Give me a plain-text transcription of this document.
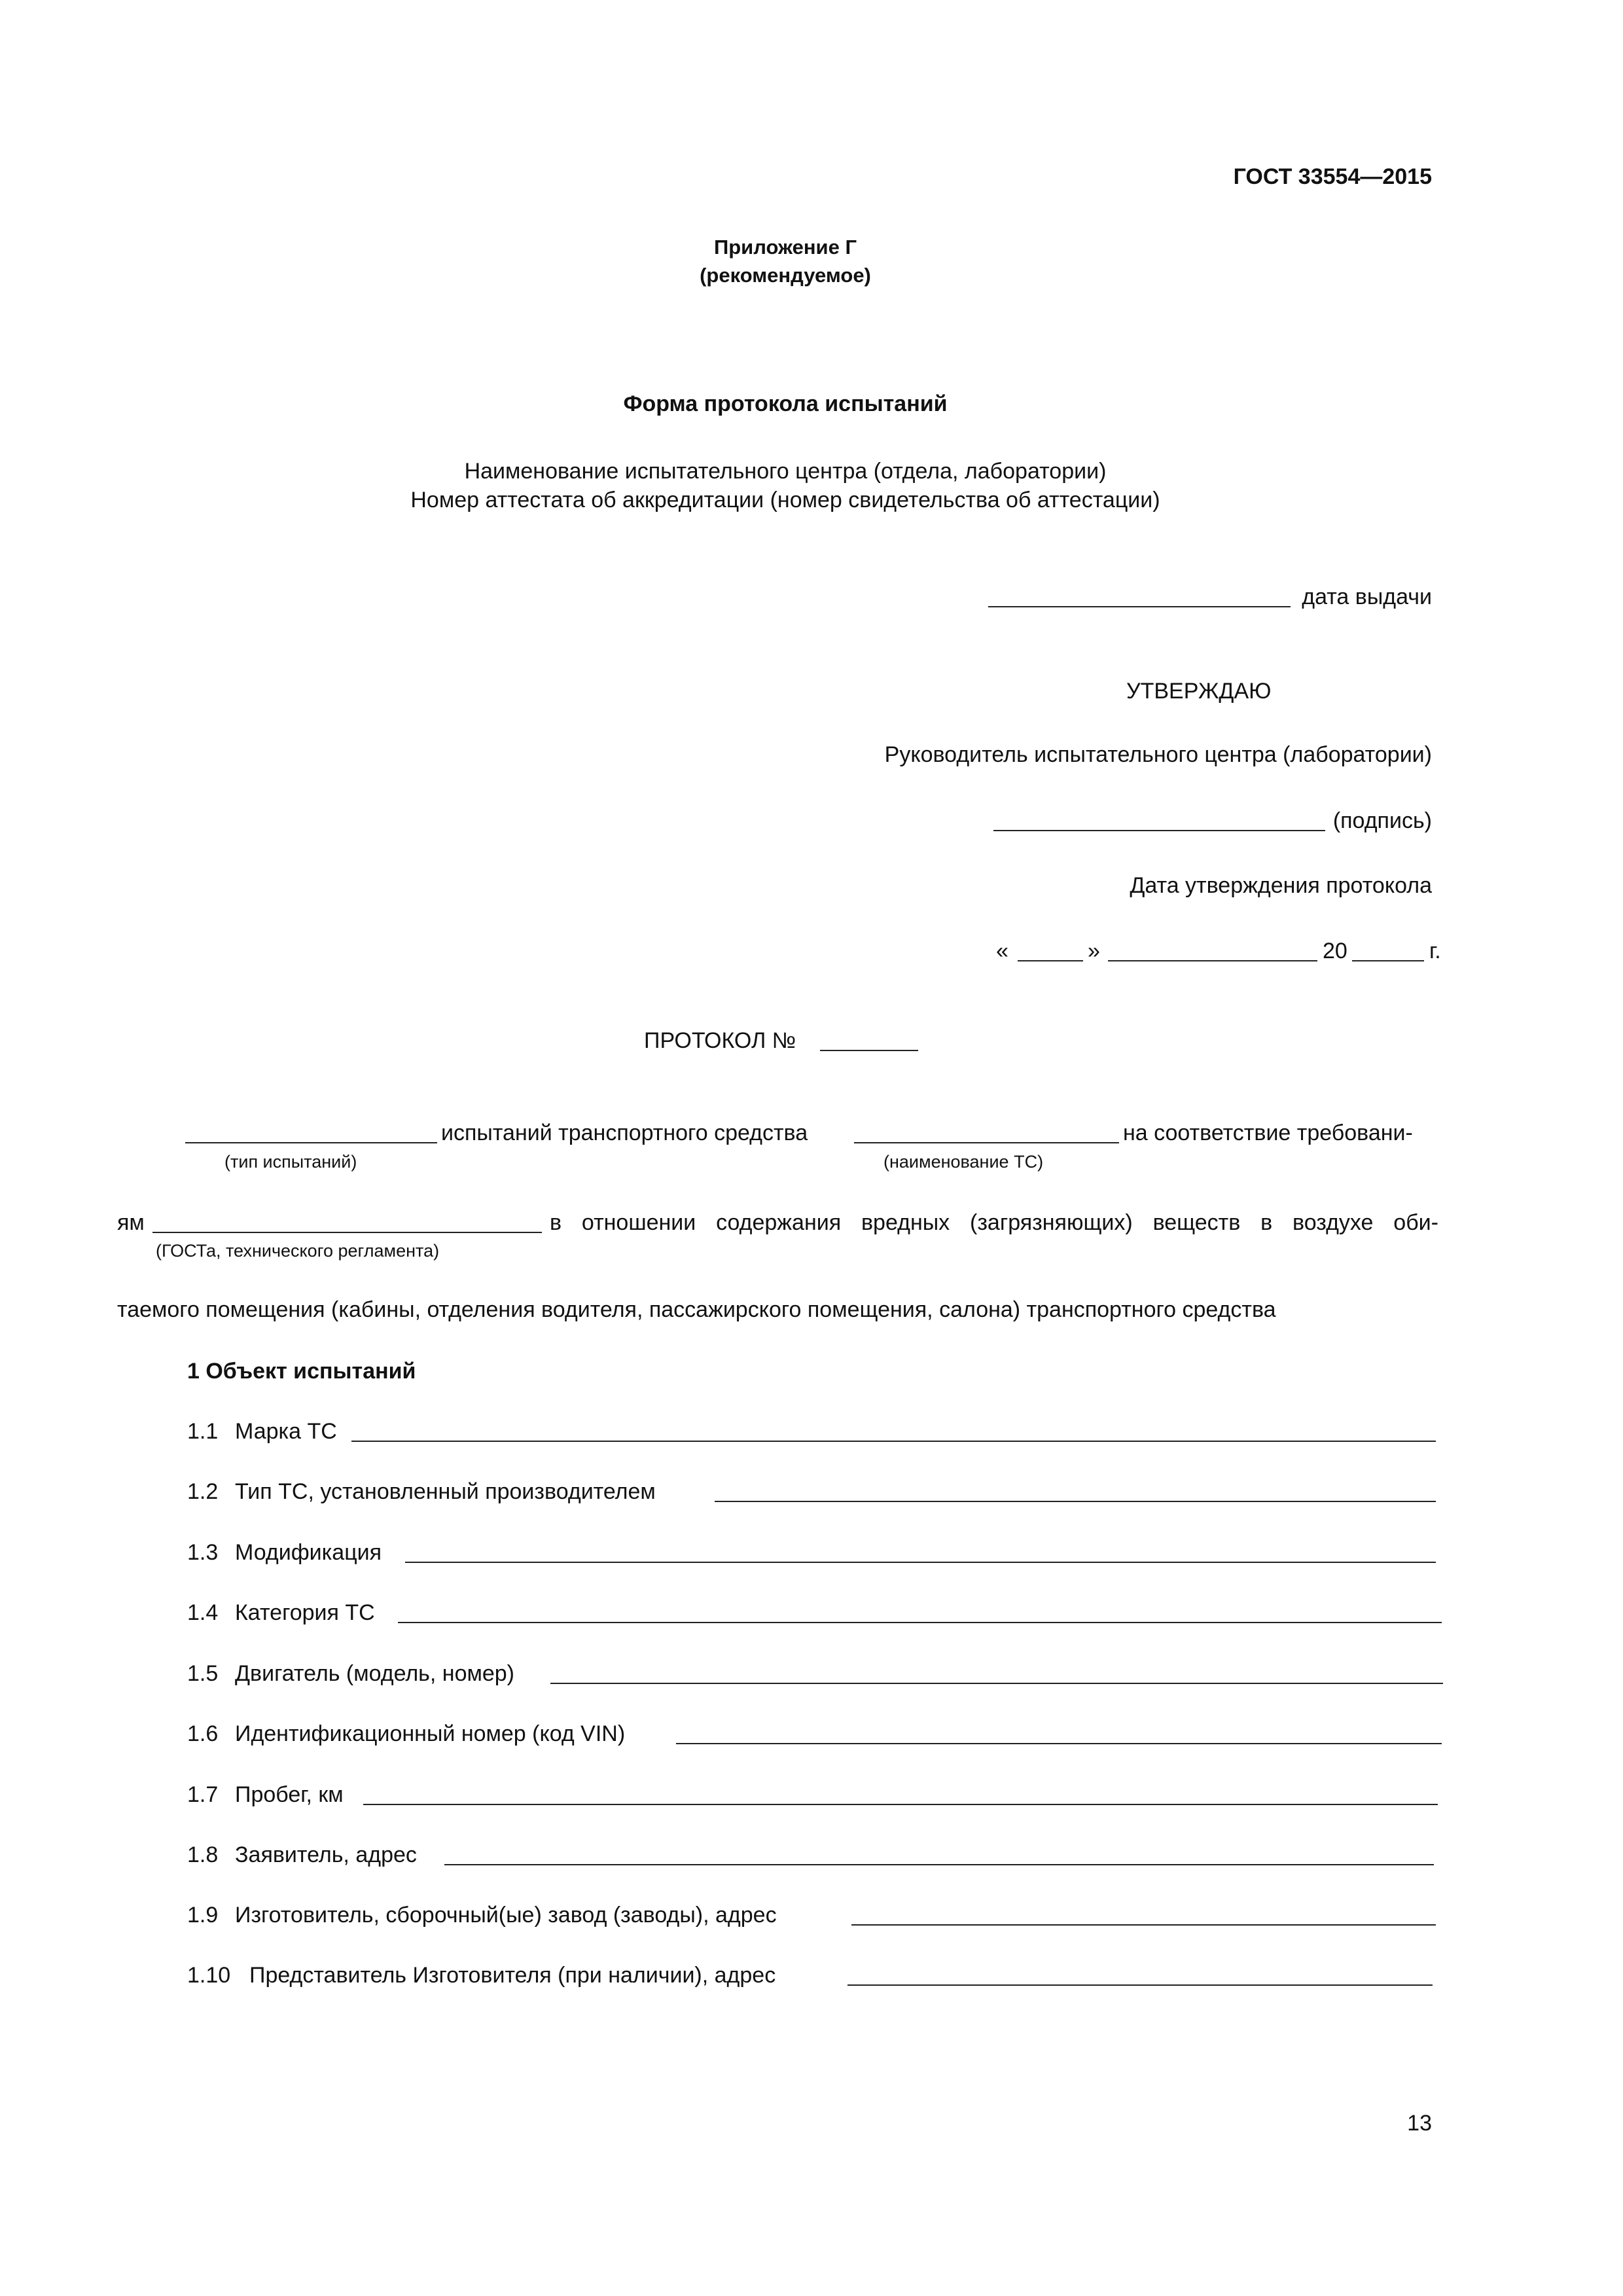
ГОСТ 33554—2015
Приложение Г
(рекомендуемое)
Форма протокола испытаний
Наименование испытательного центра (отдела, лаборатории)
Номер аттестата об аккредитации (номер свидетельства об аттестации)
дата выдачи
УТВЕРЖДАЮ
Руководитель испытательного центра (лаборатории)
(подпись)
Дата утверждения протокола
«	»	20	г.
ПРОТОКОЛ №
испытаний транспортного средства	на соответствие требовани-
(тип испытаний)	(наименование ТС)
ям	в отношении содержания вредных (загрязняющих) веществ в воздухе оби-
(ГОСТа, технического регламента)
таемого помещения (кабины, отделения водителя, пассажирского помещения, салона) транспортного средства
1 Объект испытаний
1.1 Марка ТС
1.2 Тип ТС, установленный производителем
1.3 Модификация
1.4 Категория ТС
1.5 Двигатель (модель, номер)
1.6 Идентификационный номер (код VIN)
1.7 Пробег, км
1.8 Заявитель, адрес
1.9 Изготовитель, сборочный(ые) завод (заводы), адрес
1.10 Представитель Изготовителя (при наличии), адрес
13
